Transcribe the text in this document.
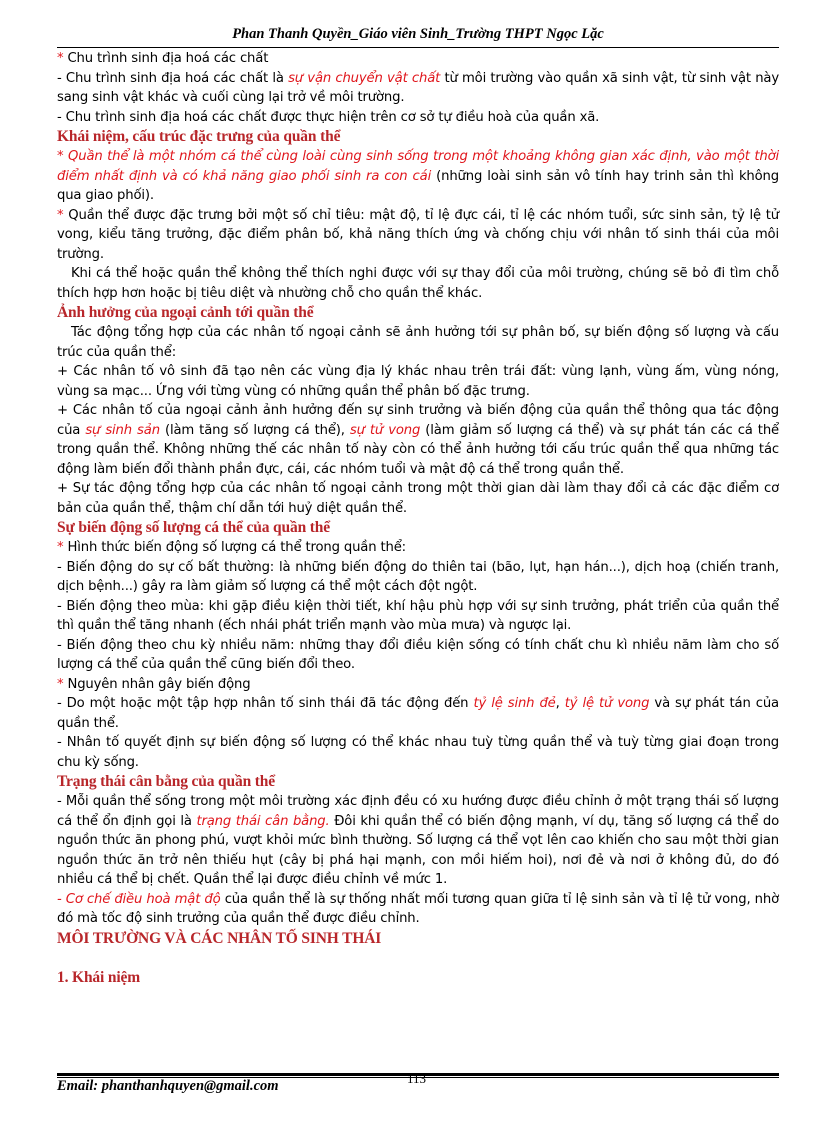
Phan Thanh Quyền_Giáo viên Sinh_Trường THPT Ngọc Lặc

* Chu trình sinh địa hoá các chất

- Chu trình sinh địa hoá các chất là sự vận chuyển vật chất từ môi trường vào quần xã sinh vật, từ sinh vật này sang sinh vật khác và cuối cùng lại trở về môi trường.

- Chu trình sinh địa hoá các chất được thực hiện trên cơ sở tự điều hoà của quần xã.

Khái niệm, cấu trúc đặc trưng của quần thể

* Quần thể là một nhóm cá thể cùng loài cùng sinh sống trong một khoảng không gian xác định, vào một thời điểm nhất định và có khả năng giao phối sinh ra con cái (những loài sinh sản vô tính hay trinh sản thì không qua giao phối).

* Quần thể được đặc trưng bởi một số chỉ tiêu: mật độ, tỉ lệ đực cái, tỉ lệ các nhóm tuổi, sức sinh sản, tỷ lệ tử vong, kiểu tăng trưởng, đặc điểm phân bố, khả năng thích ứng và chống chịu với nhân tố sinh thái của môi trường.

Khi cá thể hoặc quần thể không thể thích nghi được với sự thay đổi của môi trường, chúng sẽ bỏ đi tìm chỗ thích hợp hơn hoặc bị tiêu diệt và nhường chỗ cho quần thể khác.

Ảnh hưởng của ngoại cảnh tới quần thể

Tác động tổng hợp của các nhân tố ngoại cảnh sẽ ảnh hưởng tới sự phân bố, sự biến động số lượng và cấu trúc của quần thể:

+ Các nhân tố vô sinh đã tạo nên các vùng địa lý khác nhau trên trái đất: vùng lạnh, vùng ấm, vùng nóng, vùng sa mạc... Ứng với từng vùng có những quần thể phân bố đặc trưng.

+ Các nhân tố của ngoại cảnh ảnh hưởng đến sự sinh trưởng và biến động của quần thể thông qua tác động của sự sinh sản (làm tăng số lượng cá thể), sự tử vong (làm giảm số lượng cá thể) và sự phát tán các cá thể trong quần thể. Không những thế các nhân tố này còn có thể ảnh hưởng tới cấu trúc quần thể qua những tác động làm biến đổi thành phần đực, cái, các nhóm tuổi và mật độ cá thể trong quần thể.

+ Sự tác động tổng hợp của các nhân tố ngoại cảnh trong một thời gian dài làm thay đổi cả các đặc điểm cơ bản của quần thể, thậm chí dẫn tới huỷ diệt quần thể.

Sự biến động số lượng cá thể của quần thể

* Hình thức biến động số lượng cá thể trong quần thể:

- Biến động do sự cố bất thường: là những biến động do thiên tai (bão, lụt, hạn hán...), dịch hoạ (chiến tranh, dịch bệnh...) gây ra làm giảm số lượng cá thể một cách đột ngột.

- Biến động theo mùa: khi gặp điều kiện thời tiết, khí hậu phù hợp với sự sinh trưởng, phát triển của quần thể thì quần thể tăng nhanh (ếch nhái phát triển mạnh vào mùa mưa) và ngược lại.

- Biến động theo chu kỳ nhiều năm: những thay đổi điều kiện sống có tính chất chu kì nhiều năm làm cho số lượng cá thể của quần thể cũng biến đổi theo.

* Nguyên nhân gây biến động

- Do một hoặc một tập hợp nhân tố sinh thái đã tác động đến tỷ lệ sinh đẻ, tỷ lệ tử vong và sự phát tán của quần thể.

- Nhân tố quyết định sự biến động số lượng có thể khác nhau tuỳ từng quần thể và tuỳ từng giai đoạn trong chu kỳ sống.

Trạng thái cân bằng của quần thể

- Mỗi quần thể sống trong một môi trường xác định đều có xu hướng được điều chỉnh ở một trạng thái số lượng cá thể ổn định gọi là trạng thái cân bằng. Đôi khi quần thể có biến động mạnh, ví dụ, tăng số lượng cá thể do nguồn thức ăn phong phú, vượt khỏi mức bình thường. Số lượng cá thể vọt lên cao khiến cho sau một thời gian nguồn thức ăn trở nên thiếu hụt (cây bị phá hại mạnh, con mồi hiếm hoi), nơi đẻ và nơi ở không đủ, do đó nhiều cá thể bị chết. Quần thể lại được điều chỉnh về mức 1.

- Cơ chế điều hoà mật độ của quần thể là sự thống nhất mối tương quan giữa tỉ lệ sinh sản và tỉ lệ tử vong, nhờ đó mà tốc độ sinh trưởng của quần thể được điều chỉnh.

MÔI TRƯỜNG VÀ CÁC NHÂN TỐ SINH THÁI

1. Khái niệm

113
Email: phanthanhquyen@gmail.com
